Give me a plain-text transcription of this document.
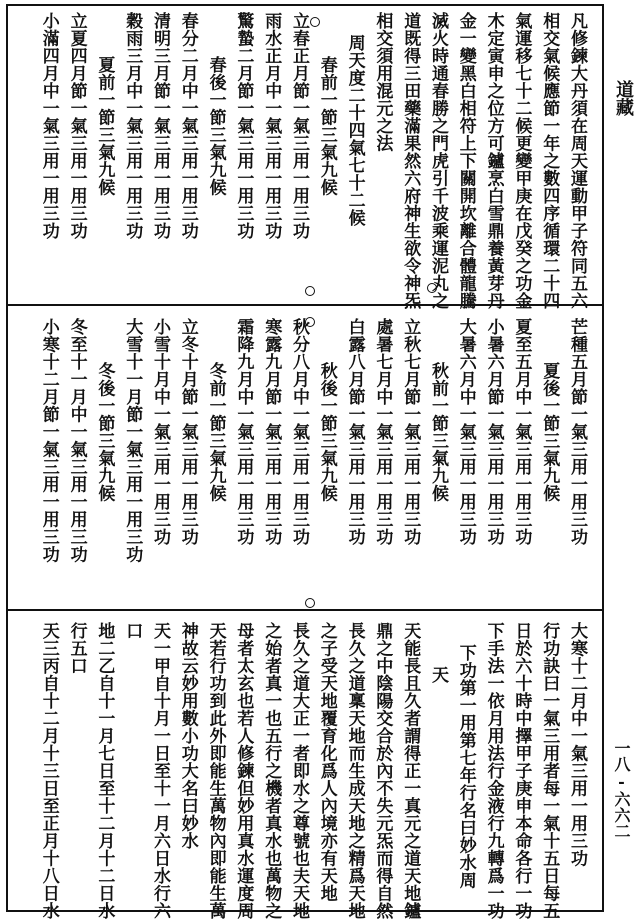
道藏
一八-六六二
凡修鍊大丹須在周天運動甲子符同五六
相交氣候應節一年之數四序循環二十四
氣運移七十二候更變甲庚在戊癸之功金
木定寅申之位方可鑪烹白雪鼎養黃芽丹
金一變黑白相符上下關開坎離合體龍騰
滅火時通春勝之門虎引千波乘運泥丸之
道既得三田藥滿果然六府神生欲令神炁
相交須用混元之法
周天度二十四氣七十二候
春前一節三氣九候
立春正月節一氣三用一用三功
雨水正月中一氣三用一用三功
驚蟄二月節一氣三用一用三功
春後一節三氣九候
春分二月中一氣三用一用三功
清明三月節一氣三用一用三功
穀雨三月中一氣三用一用三功
夏前一節三氣九候
立夏四月節一氣三用一用三功
小滿四月中一氣三用一用三功
芒種五月節一氣三用一用三功
夏後一節三氣九候
夏至五月中一氣三用一用三功
小暑六月節一氣三用一用三功
大暑六月中一氣三用一用三功
秋前一節三氣九候
立秋七月節一氣三用一用三功
處暑七月中一氣三用一用三功
白露八月節一氣三用一用三功
秋後一節三氣九候
秋分八月中一氣三用一用三功
寒露九月節一氣三用一用三功
霜降九月中一氣三用一用三功
冬前一節三氣九候
立冬十月節一氣三用一用三功
小雪十月中一氣三用一用三功
大雪十一月節一氣三用一用三功
冬後一節三氣九候
冬至十一月中一氣三用一用三功
小寒十二月節一氣三用一用三功
大寒十二月中一氣三用一用三功
行功訣曰一氣三用者每一氣十五日每五
日於六十時中擇甲子庚申本命各行一功
下手法一依月用法行金液行九轉爲一功
下功第一用第七年行名曰妙水周
天
天能長且久者謂得正一真元之道天地鑪
鼎之中陰陽交合於內不失元炁而得自然
長久之道稟天地而生成天地之精爲天地
之子受天地覆育化爲人內境亦有天地
長久之道大正一者即水之尊號也夫天地
之始者真一也五行之機者真水也萬物之
母者太玄也若人修鍊但妙用真水運度周
天若行功到此外即能生萬物內即能生萬
神故云妙用數小功大名曰妙水
天一甲自十月一日至十一月六日水行六
口
地二乙自十一月七日至十二月十二日水
行五口
天三丙自十二月十三日至正月十八日水
